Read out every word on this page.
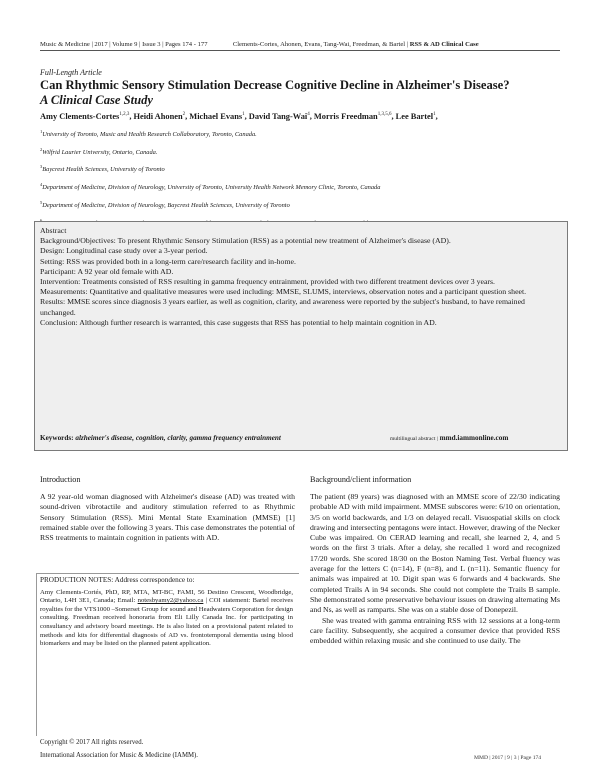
Music & Medicine | 2017 | Volume 9 | Issue 3 | Pages 174 - 177	Clements-Cortes, Ahonen, Evans, Tang-Wai, Freedman, & Bartel | RSS & AD Clinical Case
Full-Length Article
Can Rhythmic Sensory Stimulation Decrease Cognitive Decline in Alzheimer's Disease?
A Clinical Case Study
Amy Clements-Cortes$^{1,2,3}$, Heidi Ahonen$^2$, Michael Evans$^1$, David Tang-Wai$^4$, Morris Freedman$^{1,3,5,6}$, Lee Bartel$^1$,
$^1$University of Toronto, Music and Health Research Collaboratory, Toronto, Canada.
$^2$Wilfrid Laurier University, Ontario, Canada.
$^3$Baycrest Health Sciences, University of Toronto
$^4$Department of Medicine, Division of Neurology, University of Toronto, University Health Network Memory Clinic, Toronto, Canada
$^5$Department of Medicine, Division of Neurology, Baycrest Health Sciences, University of Toronto

Abstract

Background/Objectives: To present Rhythmic Sensory Stimulation (RSS) as a potential new treatment of Alzheimer's disease (AD).

Design: Longitudinal case study over a 3-year period.

Setting: RSS was provided both in a long-term care/research facility and in-home.

Participant: A 92 year old female with AD.

Intervention: Treatments consisted of RSS resulting in gamma frequency entrainment, provided with two different treatment devices over 3 years.

Measurements: Quantitative and qualitative measures were used including: MMSE, SLUMS, interviews, observation notes and a participant question sheet.

Results: MMSE scores since diagnosis 3 years earlier, as well as cognition, clarity, and awareness were reported by the subject's husband, to have remained unchanged.

Conclusion: Although further research is warranted, this case suggests that RSS has potential to help maintain cognition in AD.

Keywords: alzheimer's disease, cognition, clarity, gamma frequency entrainment	multilingual abstract | mmd.iammonline.com
Introduction

A 92 year-old woman diagnosed with Alzheimer's disease (AD) was treated with sound-driven vibrotactile and auditory stimulation referred to as Rhythmic Sensory Stimulation (RSS). Mini Mental State Examination (MMSE) [1] remained stable over the following 3 years. This case demonstrates the potential of RSS treatments to maintain cognition in patients with AD.

PRODUCTION NOTES: Address correspondence to:
Amy Clements-Cortés, PhD, RP, MTA, MT-BC, FAMI, 56 Destino Crescent, Woodbridge, Ontario, L4H 3E1, Canada; Email: notesbyamy2@yahoo.ca | COI statement: Bartel receives royalties for the VTS1000 –Somerset Group for sound and Headwaters Corporation for design consulting. Freedman received honoraria from Eli Lilly Canada Inc. for participating in consultancy and advisory board meetings. He is also listed on a provisional patent related to methods and kits for differential diagnosis of AD vs. frontotemporal dementia using blood biomarkers and may be listed on the planned patent application.
Copyright © 2017 All rights reserved.
International Association for Music & Medicine (IAMM).
Background/client information

The patient (89 years) was diagnosed with an MMSE score of 22/30 indicating probable AD with mild impairment. MMSE subscores were: 6/10 on orientation, 3/5 on world backwards, and 1/3 on delayed recall. Visuospatial skills on clock drawing and intersecting pentagons were intact. However, drawing of the Necker Cube was impaired. On CERAD learning and recall, she learned 2, 4, and 5 words on the first 3 trials. After a delay, she recalled 1 word and recognized 17/20 words. She scored 18/30 on the Boston Naming Test. Verbal fluency was average for the letters C (n=14), F (n=8), and L (n=11). Semantic fluency for animals was impaired at 10. Digit span was 6 forwards and 4 backwards. She completed Trails A in 94 seconds. She could not complete the Trails B sample. She demonstrated some preservative behaviour issues on drawing alternating Ms and Ns, as well as ramparts. She was on a stable dose of Donepezil.

She was treated with gamma entraining RSS with 12 sessions at a long-term care facility. Subsequently, she acquired a consumer device that provided RSS embedded within relaxing music and she continued to use daily. The

MMD | 2017 | 9 | 3 | Page 174
